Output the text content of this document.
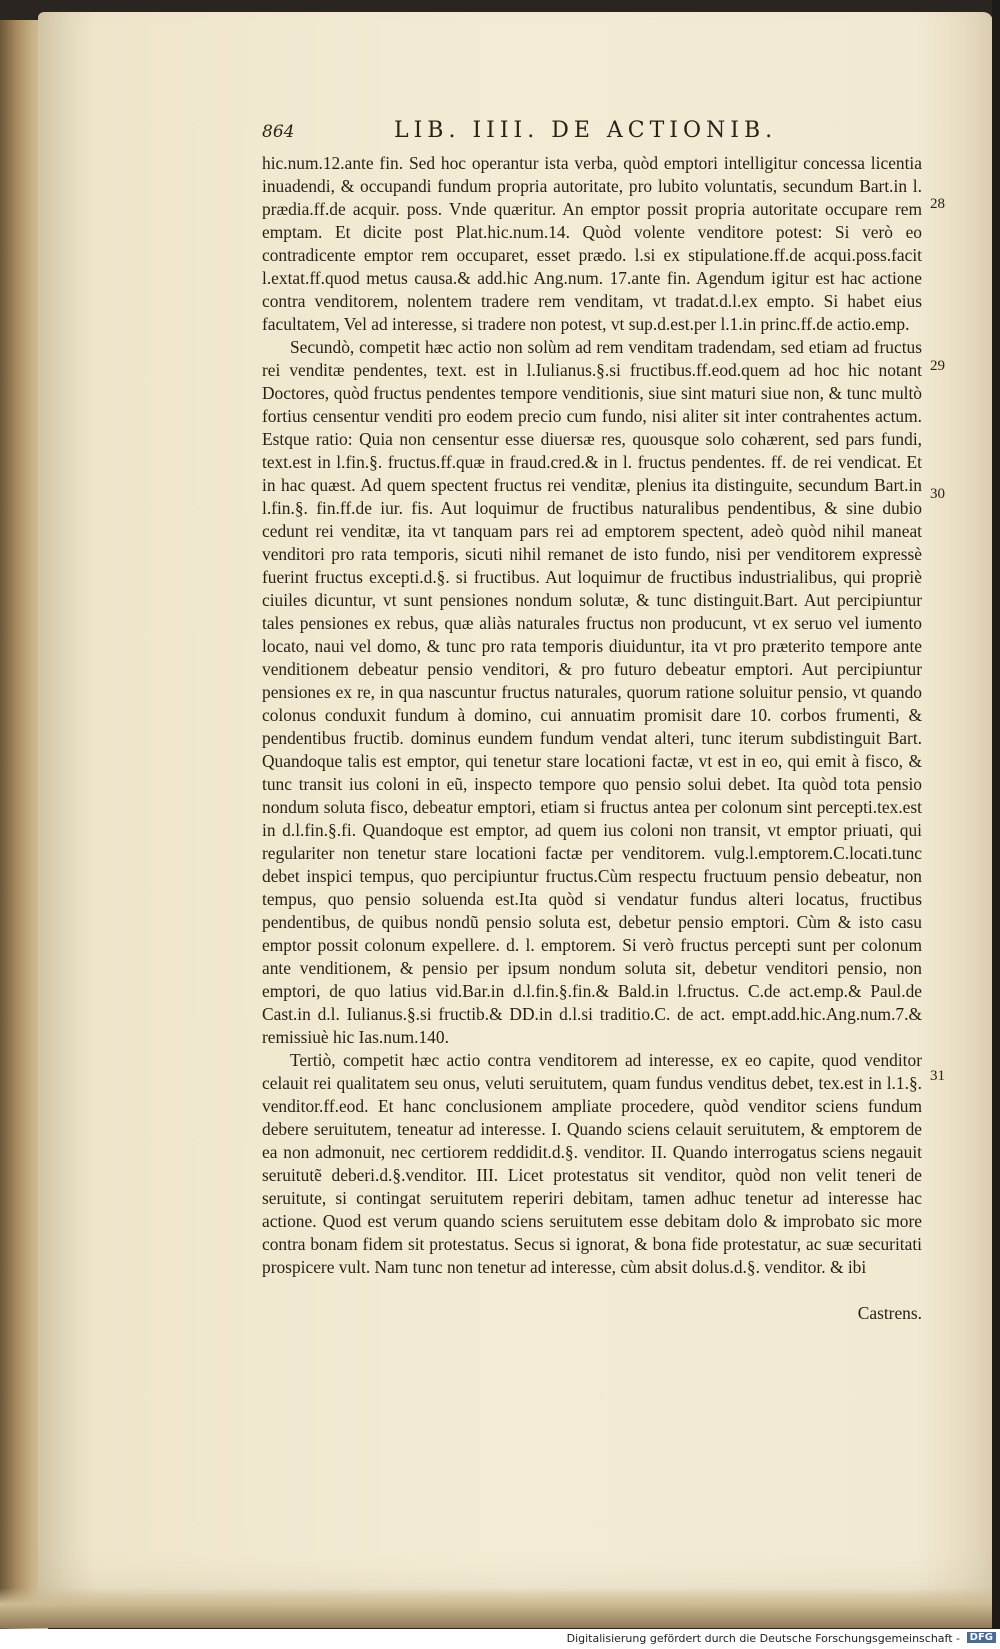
864	LIB. IIII. DE ACTIONIB.

hic.num.12.ante fin. Sed hoc operantur ista verba, quòd emptori intelligitur concessa licentia inuadendi, & occupandi fundum propria autoritate, pro lubito voluntatis, secundum Bart.in l. prædia.ff.de acquir. poss. Vnde quæritur. An emptor possit propria autoritate occupare rem emptam. Et dicite post Plat.hic.num.14. Quòd volente venditore potest: Si verò eo contradicente emptor rem occuparet, esset prædo. l.si ex stipulatione.ff.de acqui.poss.facit l.extat.ff.quod metus causa.& add.hic Ang.num. 17.ante fin. Agendum igitur est hac actione contra venditorem, nolentem tradere rem venditam, vt tradat.d.l.ex empto. Si habet eius facultatem, Vel ad interesse, si tradere non potest, vt sup.d.est.per l.1.in princ.ff.de actio.emp.

Secundò, competit hæc actio non solùm ad rem venditam tradendam, sed etiam ad fructus rei venditæ pendentes, text. est in l.Iulianus.§.si fructibus.ff.eod.quem ad hoc hic notant Doctores, quòd fructus pendentes tempore venditionis, siue sint maturi siue non, & tunc multò fortius censentur venditi pro eodem precio cum fundo, nisi aliter sit inter contrahentes actum. Estque ratio: Quia non censentur esse diuersæ res, quousque solo cohærent, sed pars fundi, text.est in l.fin.§. fructus.ff.quæ in fraud.cred.& in l. fructus pendentes. ff. de rei vendicat. Et in hac quæst. Ad quem spectent fructus rei venditæ, plenius ita distinguite, secundum Bart.in l.fin.§. fin.ff.de iur. fis. Aut loquimur de fructibus naturalibus pendentibus, & sine dubio cedunt rei venditæ, ita vt tanquam pars rei ad emptorem spectent, adeò quòd nihil maneat venditori pro rata temporis, sicuti nihil remanet de isto fundo, nisi per venditorem expressè fuerint fructus excepti.d.§. si fructibus. Aut loquimur de fructibus industrialibus, qui propriè ciuiles dicuntur, vt sunt pensiones nondum solutæ, & tunc distinguit.Bart. Aut percipiuntur tales pensiones ex rebus, quæ aliàs naturales fructus non producunt, vt ex seruo vel iumento locato, naui vel domo, & tunc pro rata temporis diuiduntur, ita vt pro præterito tempore ante venditionem debeatur pensio venditori, & pro futuro debeatur emptori. Aut percipiuntur pensiones ex re, in qua nascuntur fructus naturales, quorum ratione soluitur pensio, vt quando colonus conduxit fundum à domino, cui annuatim promisit dare 10. corbos frumenti, & pendentibus fructib. dominus eundem fundum vendat alteri, tunc iterum subdistinguit Bart. Quandoque talis est emptor, qui tenetur stare locationi factæ, vt est in eo, qui emit à fisco, & tunc transit ius coloni in eũ, inspecto tempore quo pensio solui debet. Ita quòd tota pensio nondum soluta fisco, debeatur emptori, etiam si fructus antea per colonum sint percepti.tex.est in d.l.fin.§.fi. Quandoque est emptor, ad quem ius coloni non transit, vt emptor priuati, qui regulariter non tenetur stare locationi factæ per venditorem. vulg.l.emptorem.C.locati.tunc debet inspici tempus, quo percipiuntur fructus.Cùm respectu fructuum pensio debeatur, non tempus, quo pensio soluenda est.Ita quòd si vendatur fundus alteri locatus, fructibus pendentibus, de quibus nondũ pensio soluta est, debetur pensio emptori. Cùm & isto casu emptor possit colonum expellere. d. l. emptorem. Si verò fructus percepti sunt per colonum ante venditionem, & pensio per ipsum nondum soluta sit, debetur venditori pensio, non emptori, de quo latius vid.Bar.in d.l.fin.§.fin.& Bald.in l.fructus. C.de act.emp.& Paul.de Cast.in d.l. Iulianus.§.si fructib.& DD.in d.l.si traditio.C. de act. empt.add.hic.Ang.num.7.& remissiuè hic Ias.num.140.

Tertiò, competit hæc actio contra venditorem ad interesse, ex eo capite, quod venditor celauit rei qualitatem seu onus, veluti seruitutem, quam fundus venditus debet, tex.est in l.1.§. venditor.ff.eod. Et hanc conclusionem ampliate procedere, quòd venditor sciens fundum debere seruitutem, teneatur ad interesse. I. Quando sciens celauit seruitutem, & emptorem de ea non admonuit, nec certiorem reddidit.d.§. venditor. II. Quando interrogatus sciens negauit seruitutẽ deberi.d.§.venditor. III. Licet protestatus sit venditor, quòd non velit teneri de seruitute, si contingat seruitutem reperiri debitam, tamen adhuc tenetur ad interesse hac actione. Quod est verum quando sciens seruitutem esse debitam dolo & improbato sic more contra bonam fidem sit protestatus. Secus si ignorat, & bona fide protestatur, ac suæ securitati prospicere vult. Nam tunc non tenetur ad interesse, cùm absit dolus.d.§. venditor. & ibi

Castrens.
28
29
30
31
Digitalisierung gefördert durch die Deutsche Forschungsgemeinschaft - DFG
